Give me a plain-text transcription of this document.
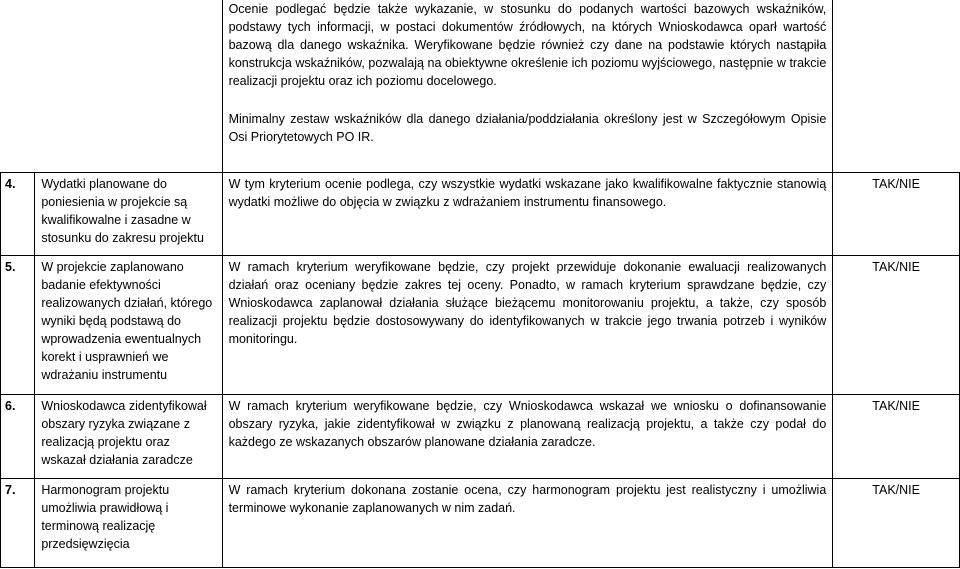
		Ocenie podlegać będzie także wykazanie, w stosunku do podanych wartości bazowych wskaźników, podstawy tych informacji, w postaci dokumentów źródłowych, na których Wnioskodawca oparł wartość bazową dla danego wskaźnika. Weryfikowane będzie również czy dane na podstawie których nastąpiła konstrukcja wskaźników, pozwalają na obiektywne określenie ich poziomu wyjściowego, następnie w trakcie realizacji projektu oraz ich poziomu docelowego.

Minimalny zestaw wskaźników dla danego działania/poddziałania określony jest w Szczegółowym Opisie Osi Priorytetowych PO IR.	

4.	Wydatki planowane do poniesienia w projekcie są kwalifikowalne i zasadne w stosunku do zakresu projektu	W tym kryterium ocenie podlega, czy wszystkie wydatki wskazane jako kwalifikowalne faktycznie stanowią wydatki możliwe do objęcia w związku z wdrażaniem instrumentu finansowego.	TAK/NIE
5.	W projekcie zaplanowano badanie efektywności realizowanych działań, którego wyniki będą podstawą do wprowadzenia ewentualnych korekt i usprawnień we wdrażaniu instrumentu	W ramach kryterium weryfikowane będzie, czy projekt przewiduje dokonanie ewaluacji realizowanych działań oraz oceniany będzie zakres tej oceny. Ponadto, w ramach kryterium sprawdzane będzie, czy Wnioskodawca zaplanował działania służące bieżącemu monitorowaniu projektu, a także, czy sposób realizacji projektu będzie dostosowywany do identyfikowanych w trakcie jego trwania potrzeb i wyników monitoringu.	TAK/NIE
6.	Wnioskodawca zidentyfikował obszary ryzyka związane z realizacją projektu oraz wskazał działania zaradcze	W ramach kryterium weryfikowane będzie, czy Wnioskodawca wskazał we wniosku o dofinansowanie obszary ryzyka, jakie zidentyfikował w związku z planowaną realizacją projektu, a także czy podał do każdego ze wskazanych obszarów planowane działania zaradcze.	TAK/NIE
7.	Harmonogram projektu umożliwia prawidłową i terminową realizację przedsięwzięcia	W ramach kryterium dokonana zostanie ocena, czy harmonogram projektu jest realistyczny i umożliwia terminowe wykonanie zaplanowanych w nim zadań.	TAK/NIE
